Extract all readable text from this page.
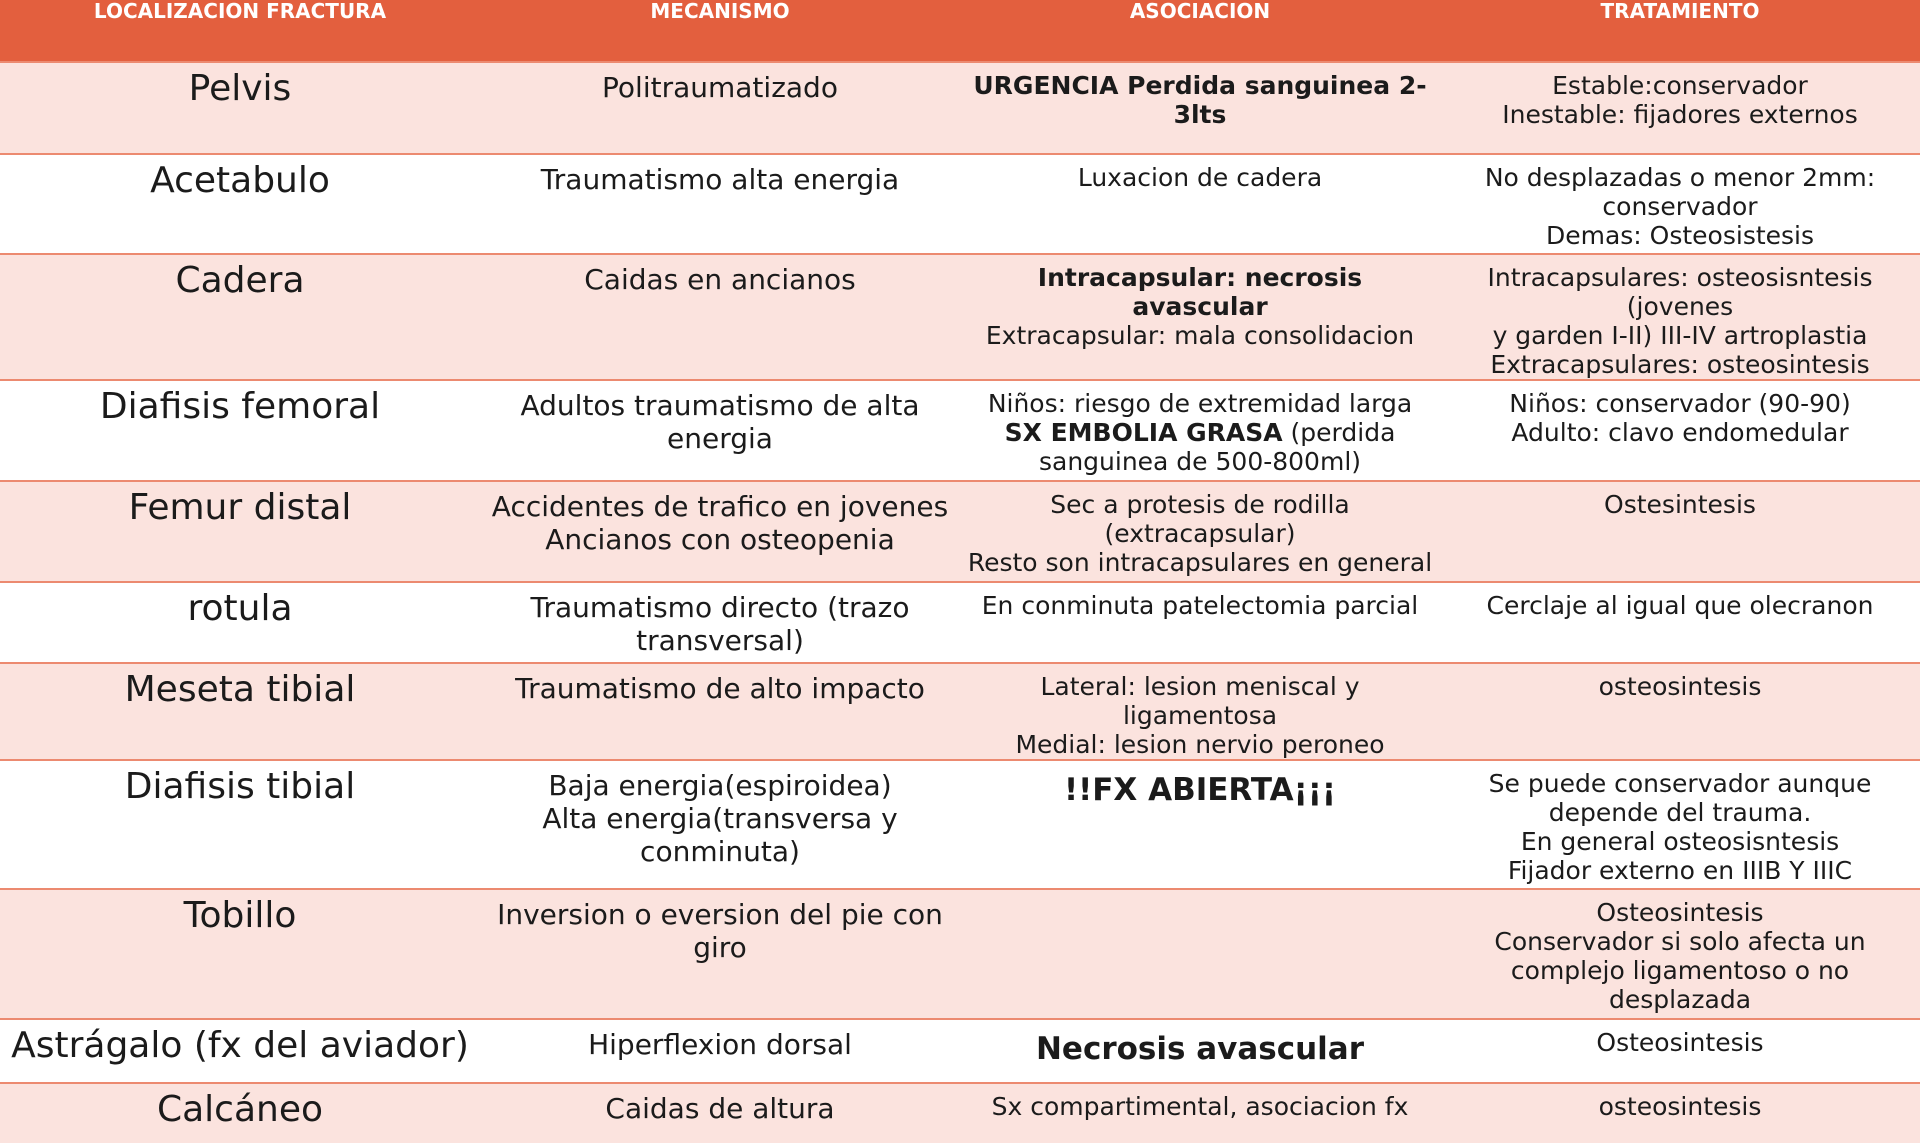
LOCALIZACION FRACTURA	MECANISMO	ASOCIACION	TRATAMIENTO

Pelvis	Politraumatizado	URGENCIA Perdida sanguinea 2-3lts	Estable:conservador
Inestable: fijadores externos

Acetabulo	Traumatismo alta energia	Luxacion de cadera	No desplazadas o menor 2mm:
conservador
Demas: Osteosistesis

Cadera	Caidas en ancianos	Intracapsular: necrosis avascular
Extracapsular: mala consolidacion	Intracapsulares: osteosisntesis (jovenes
y garden I-II) III-IV artroplastia
Extracapsulares: osteosintesis

Diafisis femoral	Adultos traumatismo de alta
energia	Niños: riesgo de extremidad larga
SX EMBOLIA GRASA (perdida
sanguinea de 500-800ml)	Niños: conservador (90-90)
Adulto: clavo endomedular

Femur distal	Accidentes de trafico en jovenes
Ancianos con osteopenia	Sec a protesis de rodilla
(extracapsular)
Resto son intracapsulares en general	Ostesintesis

rotula	Traumatismo directo (trazo
transversal)	En conminuta patelectomia parcial	Cerclaje al igual que olecranon

Meseta tibial	Traumatismo de alto impacto	Lateral: lesion meniscal y ligamentosa
Medial: lesion nervio peroneo	osteosintesis

Diafisis tibial	Baja energia(espiroidea)
Alta energia(transversa y
conminuta)	!!FX ABIERTA¡¡¡	Se puede conservador aunque
depende del trauma.
En general osteosisntesis
Fijador externo en IIIB Y IIIC

Tobillo	Inversion o eversion del pie con
giro		Osteosintesis
Conservador si solo afecta un
complejo ligamentoso o no
desplazada

Astrágalo (fx del aviador)	Hiperflexion dorsal	Necrosis avascular	Osteosintesis

Calcáneo	Caidas de altura	Sx compartimental, asociacion fx	osteosintesis
